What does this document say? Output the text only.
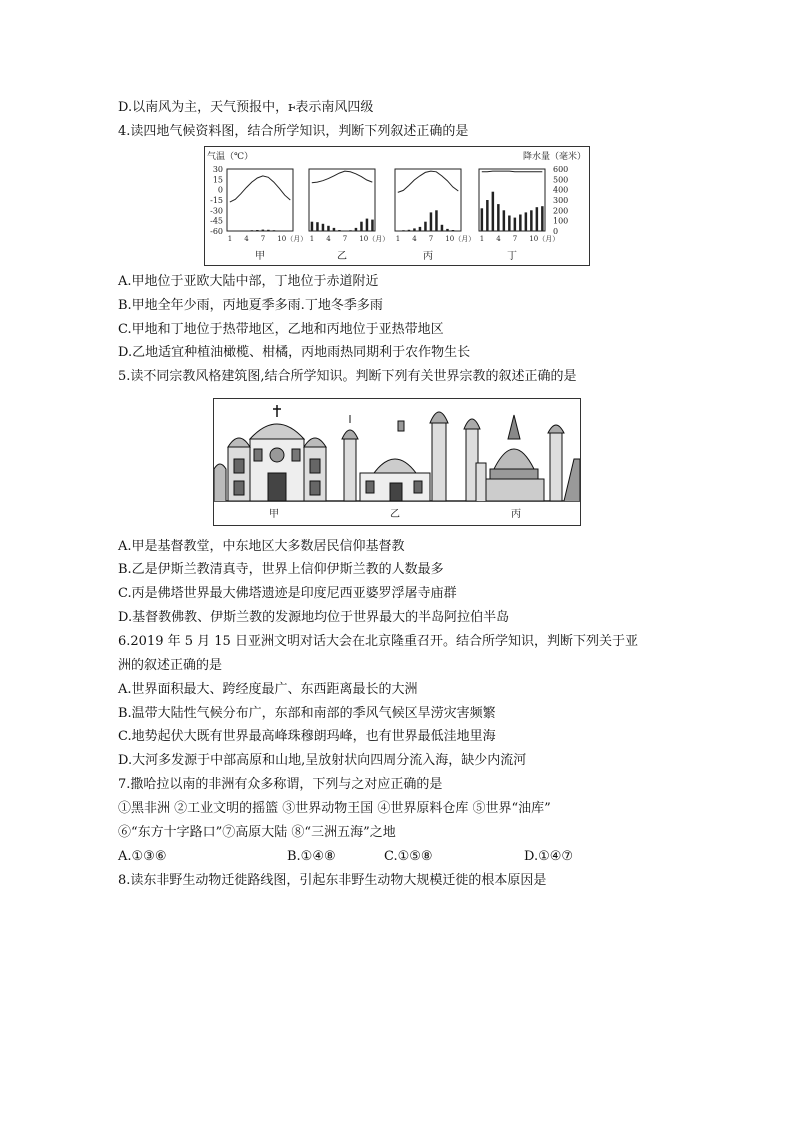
D.以南风为主，天气预报中，ⱶ表示南风四级
4.读四地气候资料图，结合所学知识，判断下列叙述正确的是
气温（℃）	降水量（毫米）
30
15
0
-15
-30
-45
-60
600
500
400
300
200
100
0
1 4 7 10（月）
甲
1 4 7 10（月）
乙
1 4 7 10（月）
丙
1 4 7 10（月）
丁
A.甲地位于亚欧大陆中部，丁地位于赤道附近
B.甲地全年少雨，丙地夏季多雨.丁地冬季多雨
C.甲地和丁地位于热带地区，乙地和丙地位于亚热带地区
D.乙地适宜种植油橄榄、柑橘，丙地雨热同期利于农作物生长
5.读不同宗教风格建筑图,结合所学知识。判断下列有关世界宗教的叙述正确的是
甲	乙	丙
A.甲是基督教堂，中东地区大多数居民信仰基督教
B.乙是伊斯兰教清真寺，世界上信仰伊斯兰教的人数最多
C.丙是佛塔世界最大佛塔遗迹是印度尼西亚婆罗浮屠寺庙群
D.基督教佛教、伊斯兰教的发源地均位于世界最大的半岛阿拉伯半岛
6.2019 年 5 月 15 日亚洲文明对话大会在北京隆重召开。结合所学知识，判断下列关于亚
洲的叙述正确的是
A.世界面积最大、跨经度最广、东西距离最长的大洲
B.温带大陆性气候分布广，东部和南部的季风气候区旱涝灾害频繁
C.地势起伏大既有世界最高峰珠穆朗玛峰，也有世界最低洼地里海
D.大河多发源于中部高原和山地,呈放射状向四周分流入海，缺少内流河
7.撒哈拉以南的非洲有众多称谓，下列与之对应正确的是
①黑非洲 ②工业文明的摇篮 ③世界动物王国 ④世界原料仓库 ⑤世界“油库”
⑥“东方十字路口”⑦高原大陆 ⑧“三洲五海”之地
A.①③⑥	B.①④⑧	C.①⑤⑧	D.①④⑦
8.读东非野生动物迁徙路线图，引起东非野生动物大规模迁徙的根本原因是
